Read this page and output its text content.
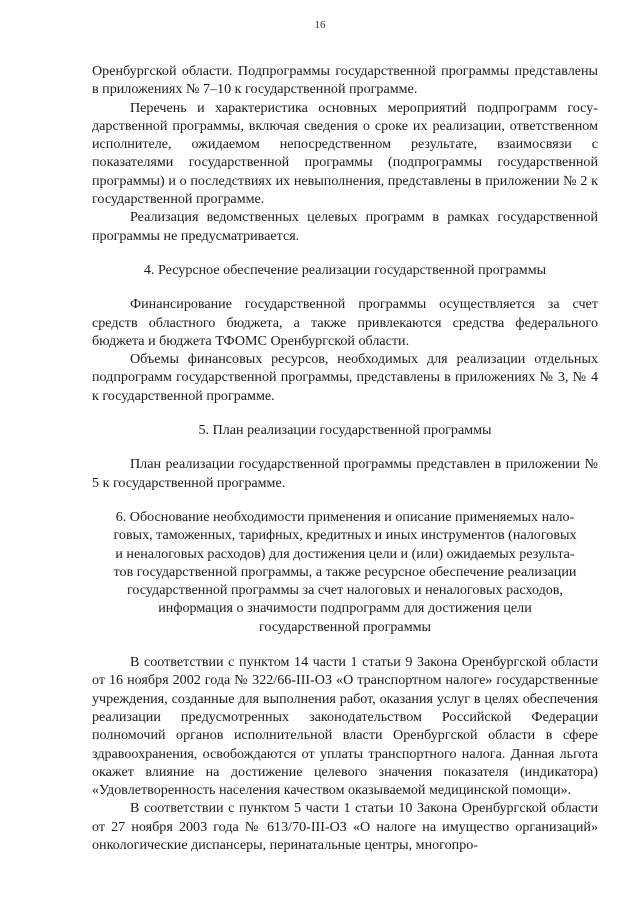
16

Оренбургской области. Подпрограммы государственной программы представлены в приложениях № 7–10 к государственной программе.

Перечень и характеристика основных мероприятий подпрограмм государственной программы, включая сведения о сроке их реализации, ответственном исполнителе, ожидаемом непосредственном результате, взаимосвязи с показателями государственной программы (подпрограммы государственной программы) и о последствиях их невыполнения, представлены в приложении № 2 к государственной программе.

Реализация ведомственных целевых программ в рамках государственной программы не предусматривается.

4. Ресурсное обеспечение реализации государственной программы

Финансирование государственной программы осуществляется за счет средств областного бюджета, а также привлекаются средства федерального бюджета и бюджета ТФОМС Оренбургской области.

Объемы финансовых ресурсов, необходимых для реализации отдельных подпрограмм государственной программы, представлены в приложениях № 3, № 4 к государственной программе.

5. План реализации государственной программы

План реализации государственной программы представлен в приложении № 5 к государственной программе.

6. Обоснование необходимости применения и описание применяемых нало-
говых, таможенных, тарифных, кредитных и иных инструментов (налоговых
и неналоговых расходов) для достижения цели и (или) ожидаемых результа-
тов государственной программы, а также ресурсное обеспечение реализации
государственной программы за счет налоговых и неналоговых расходов,
информация о значимости подпрограмм для достижения цели
государственной программы

В соответствии с пунктом 14 части 1 статьи 9 Закона Оренбургской области от 16 ноября 2002 года № 322/66-III-ОЗ «О транспортном налоге» государственные учреждения, созданные для выполнения работ, оказания услуг в целях обеспечения реализации предусмотренных законодательством Российской Федерации полномочий органов исполнительной власти Оренбургской области в сфере здравоохранения, освобождаются от уплаты транспортного налога. Данная льгота окажет влияние на достижение целевого значения показателя (индикатора) «Удовлетворенность населения качеством оказываемой медицинской помощи».

В соответствии с пунктом 5 части 1 статьи 10 Закона Оренбургской области от 27 ноября 2003 года № 613/70-III-ОЗ «О налоге на имущество организаций» онкологические диспансеры, перинатальные центры, многопро-
